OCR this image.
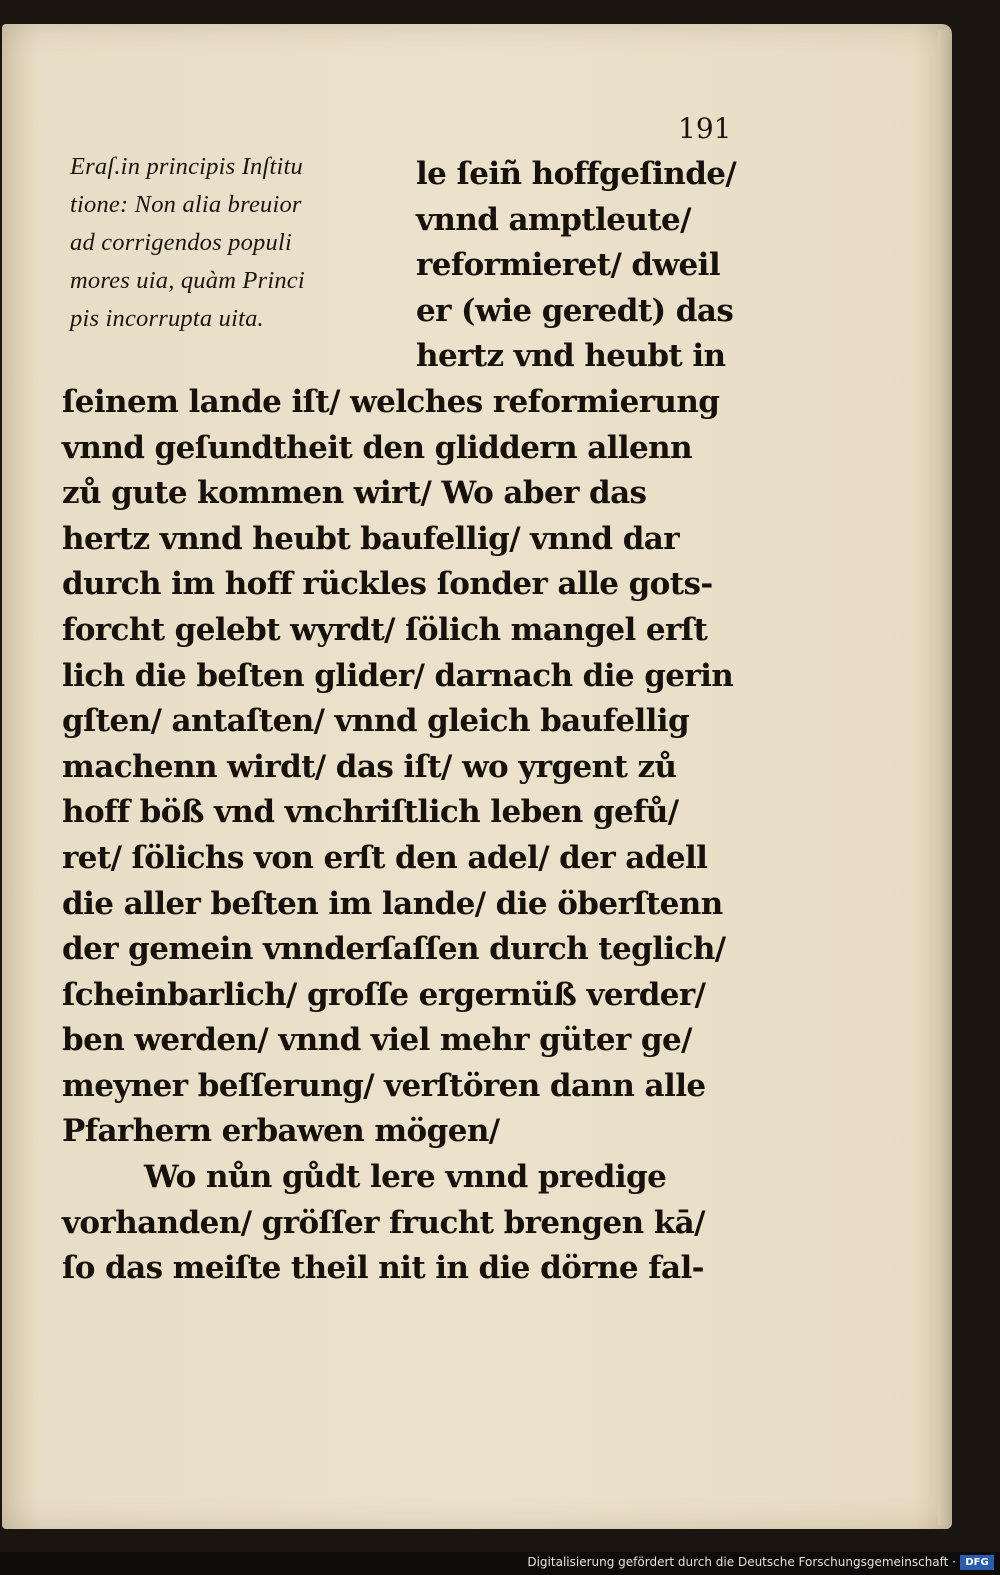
191
Eraſ.in principis Inſtitu
tione: Non alia breuior
ad corrigendos populi
mores uia, quàm Princi
pis incorrupta uita.
le ſeiñ hoffgeſinde/
vnnd amptleute/
reformieret/ dweil
er (wie geredt) das
hertz vnd heubt in
ſeinem lande iſt/ welches reformierung
vnnd geſundtheit den gliddern allenn
zů gute kommen wirt/ Wo aber das
hertz vnnd heubt baufellig/ vnnd dar
durch im hoff rückles ſonder alle gots-
forcht gelebt wyrdt/ ſölich mangel erſt
lich die beſten glider/ darnach die gerin
gſten/ antaſten/ vnnd gleich baufellig
machenn wirdt/ das iſt/ wo yrgent zů
hoff böß vnd vnchriſtlich leben gefů/
ret/ ſölichs von erſt den adel/ der adell
die aller beſten im lande/ die öberſtenn
der gemein vnnderſaſſen durch teglich/
ſcheinbarlich/ groſſe ergernüß verder/
ben werden/ vnnd viel mehr güter ge/
meyner beſſerung/ verſtören dann alle
Pfarhern erbawen mögen/
Wo nůn gůdt lere vnnd predige
vorhanden/ gröſſer frucht brengen kā/
ſo das meiſte theil nit in die dörne fal-
Digitalisierung gefördert durch die Deutsche Forschungsgemeinschaft · DFG
